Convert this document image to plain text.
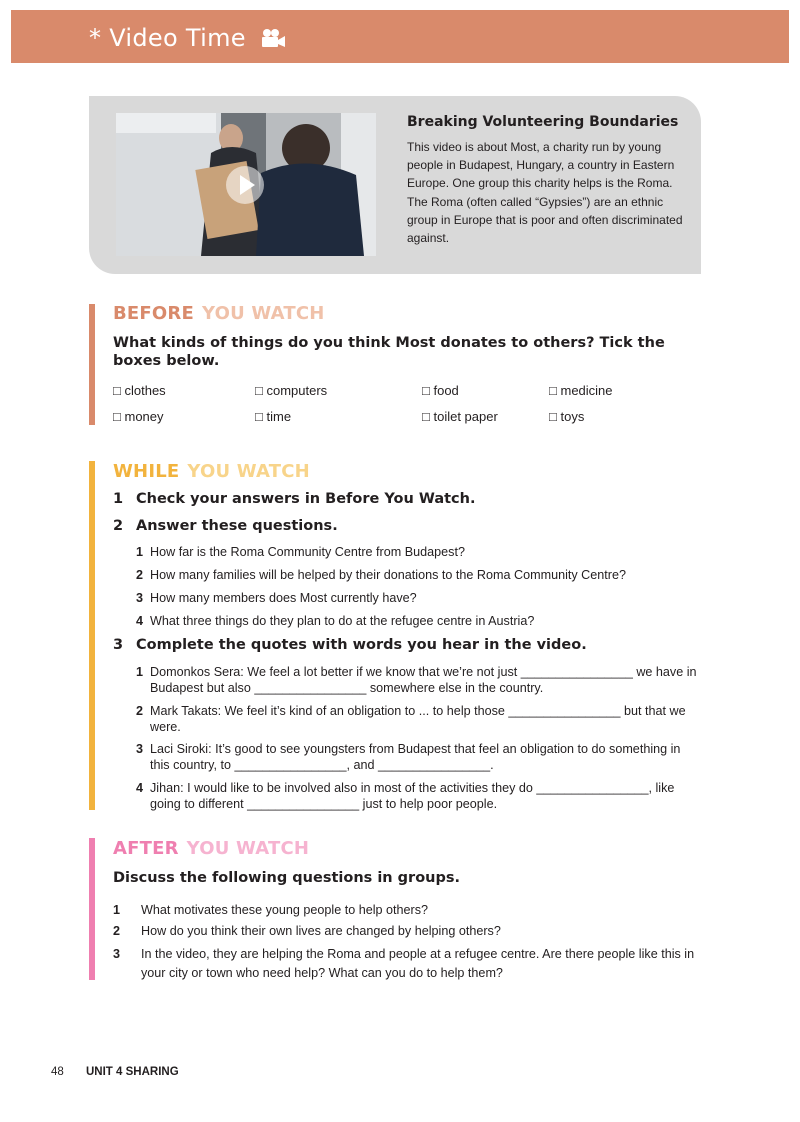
* Video Time
Breaking Volunteering Boundaries
This video is about Most, a charity run by young people in Budapest, Hungary, a country in Eastern Europe. One group this charity helps is the Roma. The Roma (often called “Gypsies”) are an ethnic group in Europe that is poor and often discriminated against.
BEFORE YOU WATCH
What kinds of things do you think Most donates to others? Tick the boxes below.
□ clothes	□ computers	□ food	□ medicine
□ money	□ time	□ toilet paper	□ toys
WHILE YOU WATCH
1 Check your answers in Before You Watch.
2 Answer these questions.
1 How far is the Roma Community Centre from Budapest?
2 How many families will be helped by their donations to the Roma Community Centre?
3 How many members does Most currently have?
4 What three things do they plan to do at the refugee centre in Austria?
3 Complete the quotes with words you hear in the video.
1 Domonkos Sera: We feel a lot better if we know that we’re not just ________________ we have in Budapest but also ________________ somewhere else in the country.
2 Mark Takats: We feel it’s kind of an obligation to ... to help those ________________ but that we were.
3 Laci Siroki: It’s good to see youngsters from Budapest that feel an obligation to do something in this country, to ________________, and ________________.
4 Jihan: I would like to be involved also in most of the activities they do ________________, like going to different ________________ just to help poor people.
AFTER YOU WATCH
Discuss the following questions in groups.
1 What motivates these young people to help others?
2 How do you think their own lives are changed by helping others?
3 In the video, they are helping the Roma and people at a refugee centre. Are there people like this in your city or town who need help? What can you do to help them?
48 UNIT 4 SHARING
